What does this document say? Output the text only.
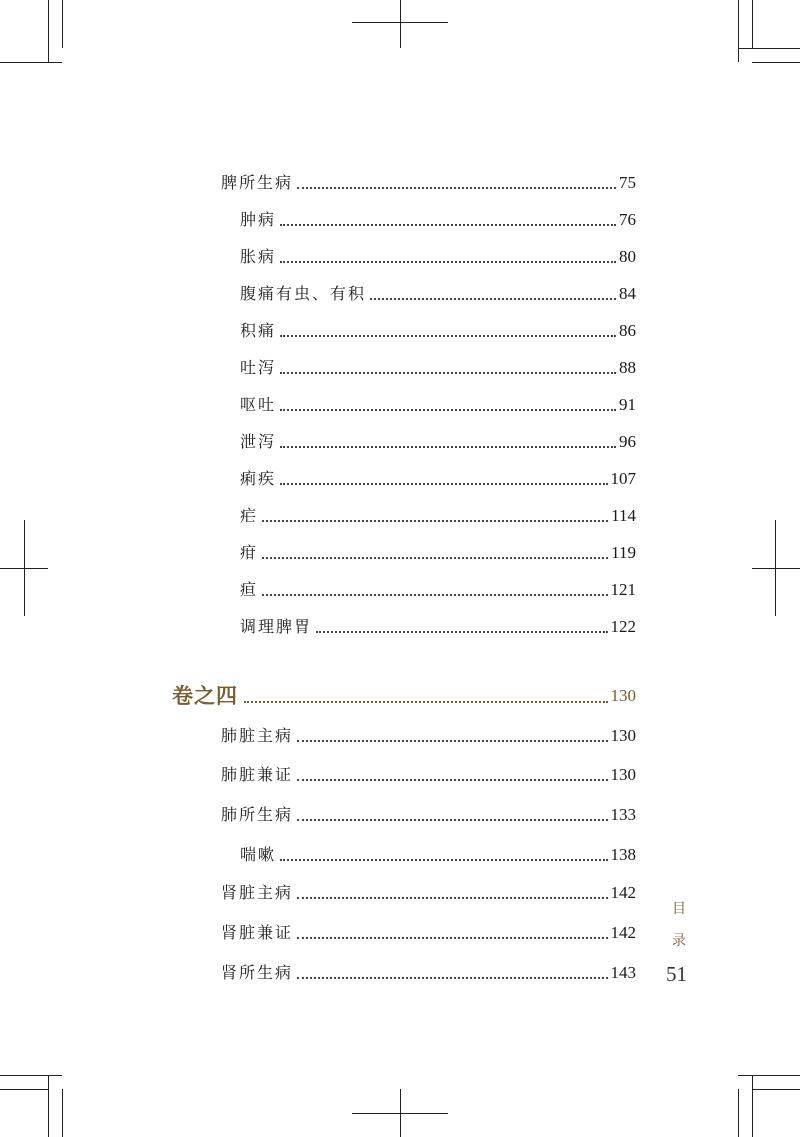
脾所生病	75
肿病	76
胀病	80
腹痛有虫、有积	84
积痛	86
吐泻	88
呕吐	91
泄泻	96
痢疾	107
疟	114
疳	119
疸	121
调理脾胃	122
卷之四	130
肺脏主病	130
肺脏兼证	130
肺所生病	133
喘嗽	138
肾脏主病	142
肾脏兼证	142
肾所生病	143
目
录
51
